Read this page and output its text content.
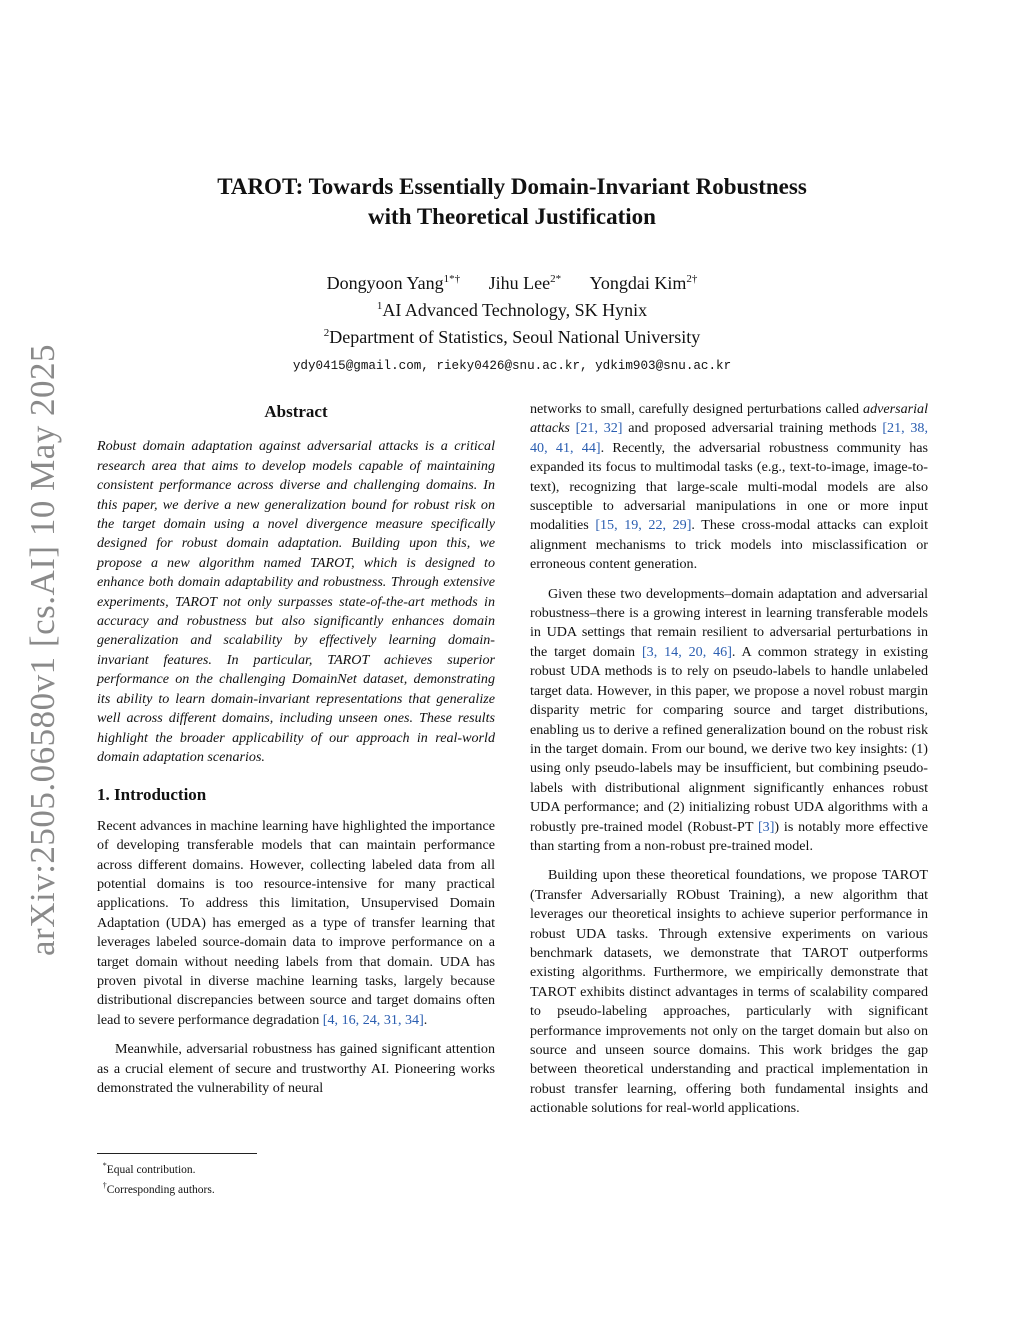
arXiv:2505.06580v1 [cs.AI] 10 May 2025
TAROT: Towards Essentially Domain-Invariant Robustness
with Theoretical Justification
Dongyoon Yang$^{1*\dagger}$ Jihu Lee$^{2*}$ Yongdai Kim$^{2\dagger}$
$^1$AI Advanced Technology, SK Hynix
$^2$Department of Statistics, Seoul National University
ydy0415@gmail.com, rieky0426@snu.ac.kr, ydkim903@snu.ac.kr
Abstract

Robust domain adaptation against adversarial attacks is a critical research area that aims to develop models capable of maintaining consistent performance across diverse and challenging domains. In this paper, we derive a new generalization bound for robust risk on the target domain using a novel divergence measure specifically designed for robust domain adaptation. Building upon this, we propose a new algorithm named TAROT, which is designed to enhance both domain adaptability and robustness. Through extensive experiments, TAROT not only surpasses state-of-the-art methods in accuracy and robustness but also significantly enhances domain generalization and scalability by effectively learning domain-invariant features. In particular, TAROT achieves superior performance on the challenging DomainNet dataset, demonstrating its ability to learn domain-invariant representations that generalize well across different domains, including unseen ones. These results highlight the broader applicability of our approach in real-world domain adaptation scenarios.

1. Introduction

Recent advances in machine learning have highlighted the importance of developing transferable models that can maintain performance across different domains. However, collecting labeled data from all potential domains is too resource-intensive for many practical applications. To address this limitation, Unsupervised Domain Adaptation (UDA) has emerged as a type of transfer learning that leverages labeled source-domain data to improve performance on a target domain without needing labels from that domain. UDA has proven pivotal in diverse machine learning tasks, largely because distributional discrepancies between source and target domains often lead to severe performance degradation [4, 16, 24, 31, 34].

Meanwhile, adversarial robustness has gained significant attention as a crucial element of secure and trustworthy AI. Pioneering works demonstrated the vulnerability of neural

networks to small, carefully designed perturbations called adversarial attacks [21, 32] and proposed adversarial training methods [21, 38, 40, 41, 44]. Recently, the adversarial robustness community has expanded its focus to multimodal tasks (e.g., text-to-image, image-to-text), recognizing that large-scale multi-modal models are also susceptible to adversarial manipulations in one or more input modalities [15, 19, 22, 29]. These cross-modal attacks can exploit alignment mechanisms to trick models into misclassification or erroneous content generation.

Given these two developments–domain adaptation and adversarial robustness–there is a growing interest in learning transferable models in UDA settings that remain resilient to adversarial perturbations in the target domain [3, 14, 20, 46]. A common strategy in existing robust UDA methods is to rely on pseudo-labels to handle unlabeled target data. However, in this paper, we propose a novel robust margin disparity metric for comparing source and target distributions, enabling us to derive a refined generalization bound on the robust risk in the target domain. From our bound, we derive two key insights: (1) using only pseudo-labels may be insufficient, but combining pseudo-labels with distributional alignment significantly enhances robust UDA performance; and (2) initializing robust UDA algorithms with a robustly pre-trained model (Robust-PT [3]) is notably more effective than starting from a non-robust pre-trained model.

Building upon these theoretical foundations, we propose TAROT (Transfer Adversarially RObust Training), a new algorithm that leverages our theoretical insights to achieve superior performance in robust UDA tasks. Through extensive experiments on various benchmark datasets, we demonstrate that TAROT outperforms existing algorithms. Furthermore, we empirically demonstrate that TAROT exhibits distinct advantages in terms of scalability compared to pseudo-labeling approaches, particularly with significant performance improvements not only on the target domain but also on source and unseen source domains. This work bridges the gap between theoretical understanding and practical implementation in robust transfer learning, offering both fundamental insights and actionable solutions for real-world applications.

*Equal contribution.
†Corresponding authors.
